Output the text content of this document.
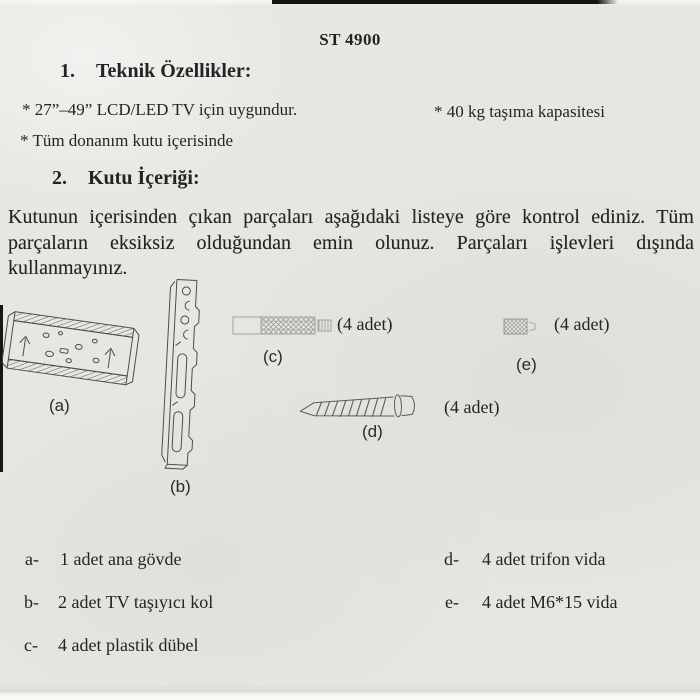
ST 4900
1.	Teknik Özellikler:
* 27”–49” LCD/LED TV için uygundur.	* 40 kg taşıma kapasitesi
* Tüm donanım kutu içerisinde
2.	Kutu İçeriği:
Kutunun içerisinden çıkan parçaları aşağıdaki listeye göre kontrol ediniz. Tüm parçaların eksiksiz olduğundan emin olunuz. Parçaları işlevleri dışında kullanmayınız.
(a)
(b)
(4 adet)
(c)
(4 adet)
(e)
(4 adet)
(d)
a- 1 adet ana gövde
b- 2 adet TV taşıyıcı kol
c- 4 adet plastik dübel
d- 4 adet trifon vida
e- 4 adet M6*15 vida
